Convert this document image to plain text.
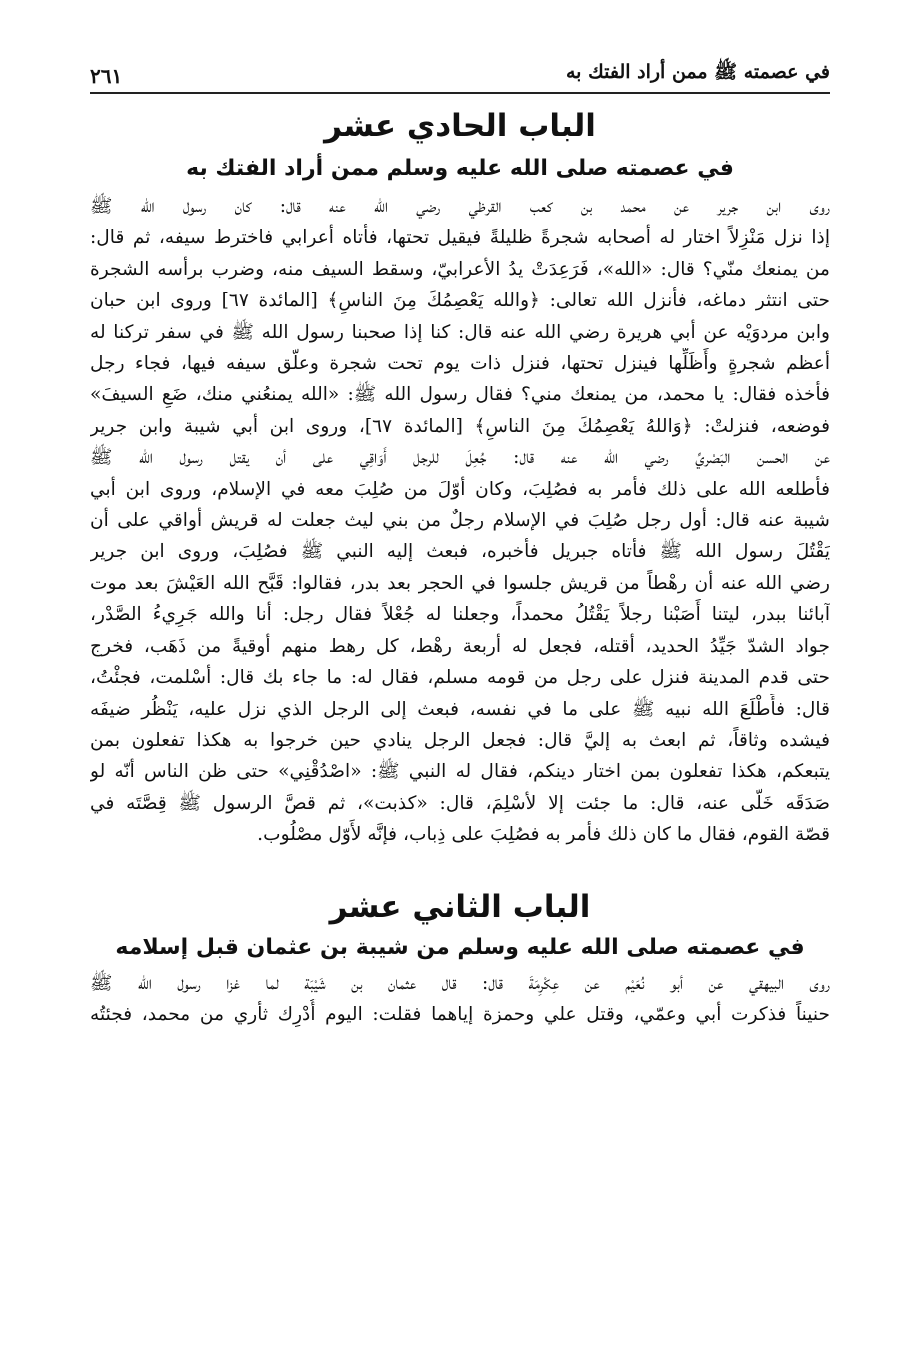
في عصمته ﷺ ممن أراد الفتك به
٢٦١
الباب الحادي عشر
في عصمته صلى الله عليه وسلم ممن أراد الفتك به
روى ابن جرير عن محمد بن كعب القرظي رضي الله عنه قال: كان رسول الله ﷺ
إذا نزل مَنْزِلاً اختار له أصحابه شجرةً ظليلةً فيقيل تحتها، فأتاه أعرابي فاخترط سيفه، ثم قال:
من يمنعك منّي؟ قال: «الله»، فَرَعِدَتْ يدُ الأعرابيّ، وسقط السيف منه، وضرب برأسه الشجرة
حتى انتثر دماغه، فأنزل الله تعالى: ﴿والله يَعْصِمُكَ مِنَ الناسِ﴾ [المائدة ٦٧] وروى ابن حبان
وابن مردوَيْه عن أبي هريرة رضي الله عنه قال: كنا إذا صحبنا رسول الله ﷺ في سفر تركنا له
أعظم شجرةٍ وأَظَلِّها فينزل تحتها، فنزل ذات يوم تحت شجرة وعلّق سيفه فيها، فجاء رجل
فأخذه فقال: يا محمد، من يمنعك مني؟ فقال رسول الله ﷺ: «الله يمنعُني منك، ضَعِ السيفَ»
فوضعه، فنزلتْ: ﴿وَاللهُ يَعْصِمُكَ مِنَ الناسِ﴾ [المائدة ٦٧]، وروى ابن أبي شيبة وابن جرير
عن الحسن البَصْريِّ رضي الله عنه قال: جُعِلَ للرجل أَوَاقِي على أن يقتل رسول الله ﷺ
فأطلعه الله على ذلك فأمر به فصُلِبَ، وكان أوّلَ من صُلِبَ معه في الإسلام، وروى ابن أبي
شيبة عنه قال: أول رجل صُلِبَ في الإسلام رجلٌ من بني ليث جعلت له قريش أواقي على أن
يَقْتُلَ رسول الله ﷺ فأتاه جبريل فأخبره، فبعث إليه النبي ﷺ فصُلِبَ، وروى ابن جرير
رضي الله عنه أن رهْطاً من قريش جلسوا في الحجر بعد بدر، فقالوا: قَبَّح الله العَيْشَ بعد موت
آبائنا ببدر، ليتنا أَصَبْنا رجلاً يَقْتُلُ محمداً، وجعلنا له جُعْلاً فقال رجل: أنا والله جَرِيءُ الصَّدْر،
جواد الشدّ جَيِّدُ الحديد، أقتله، فجعل له أربعة رهْط، كل رهط منهم أوقيةً من ذَهَب، فخرج
حتى قدم المدينة فنزل على رجل من قومه مسلم، فقال له: ما جاء بك قال: أسْلمت، فجئْتُ،
قال: فأَطْلَعَ الله نبيه ﷺ على ما في نفسه، فبعث إلى الرجل الذي نزل عليه، يَنْظُر ضيفَه
فيشده وثاقاً، ثم ابعث به إليَّ قال: فجعل الرجل ينادي حين خرجوا به هكذا تفعلون بمن
يتبعكم، هكذا تفعلون بمن اختار دينكم، فقال له النبي ﷺ: «اصْدُقْنِي» حتى ظن الناس أنّه لو
صَدَقَه خَلّى عنه، قال: ما جئت إلا لأسْلِمَ، قال: «كذبت»، ثم قصَّ الرسول ﷺ قِصَّتَه في
قصّة القوم، فقال ما كان ذلك فأمر به فصُلِبَ على ذِباب، فإنَّه لأَوّل مصْلُوب.
الباب الثاني عشر
في عصمته صلى الله عليه وسلم من شيبة بن عثمان قبل إسلامه
روى البيهقي عن أبو نُعَيْم عن عِكْرِمَةَ قال: قال عثمان بن شَيْبَة لما غزا رسول الله ﷺ
حنيناً فذكرت أبي وعمّي، وقتل علي وحمزة إياهما فقلت: اليوم أُدْرِك ثأري من محمد، فجئتُه
